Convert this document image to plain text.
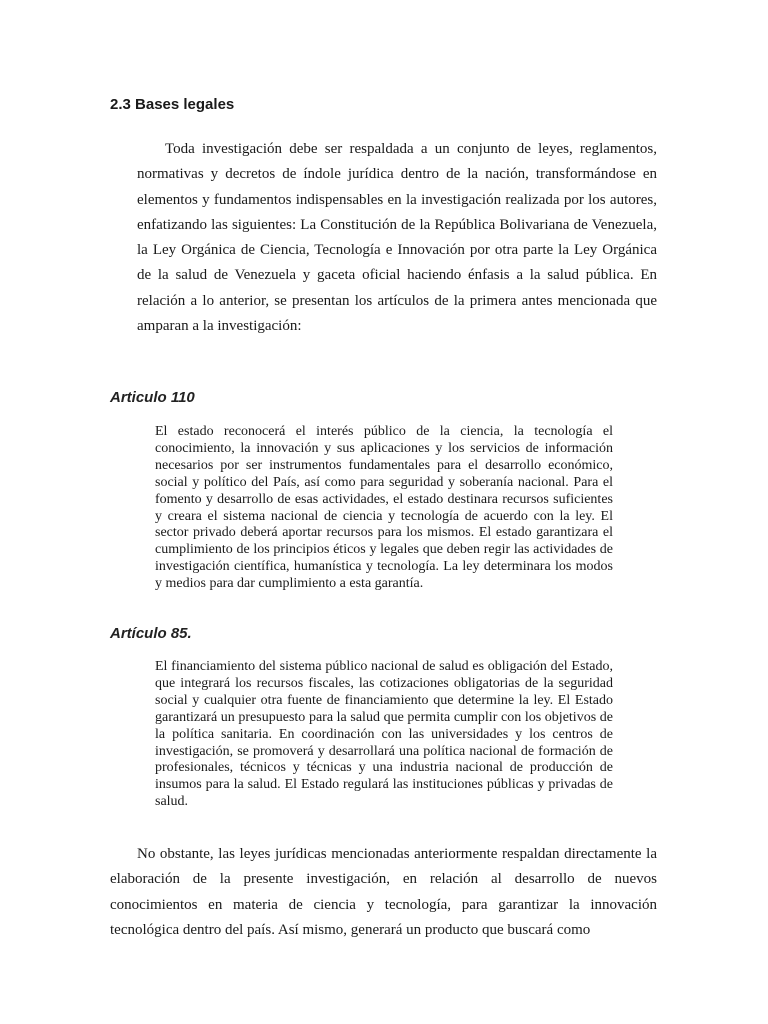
2.3 Bases legales

Toda investigación debe ser respaldada a un conjunto de leyes, reglamentos, normativas y decretos de índole jurídica dentro de la nación, transformándose en elementos y fundamentos indispensables en la investigación realizada por los autores, enfatizando las siguientes: La Constitución de la República Bolivariana de Venezuela, la Ley Orgánica de Ciencia, Tecnología e Innovación por otra parte la Ley Orgánica de la salud de Venezuela y gaceta oficial haciendo énfasis a la salud pública. En relación a lo anterior, se presentan los artículos de la primera antes mencionada que amparan a la investigación:

Articulo 110

El estado reconocerá el interés público de la ciencia, la tecnología el conocimiento, la innovación y sus aplicaciones y los servicios de información necesarios por ser instrumentos fundamentales para el desarrollo económico, social y político del País, así como para seguridad y soberanía nacional. Para el fomento y desarrollo de esas actividades, el estado destinara recursos suficientes y creara el sistema nacional de ciencia y tecnología de acuerdo con la ley. El sector privado deberá aportar recursos para los mismos. El estado garantizara el cumplimiento de los principios éticos y legales que deben regir las actividades de investigación científica, humanística y tecnología. La ley determinara los modos y medios para dar cumplimiento a esta garantía.

Artículo 85.

El financiamiento del sistema público nacional de salud es obligación del Estado, que integrará los recursos fiscales, las cotizaciones obligatorias de la seguridad social y cualquier otra fuente de financiamiento que determine la ley. El Estado garantizará un presupuesto para la salud que permita cumplir con los objetivos de la política sanitaria. En coordinación con las universidades y los centros de investigación, se promoverá y desarrollará una política nacional de formación de profesionales, técnicos y técnicas y una industria nacional de producción de insumos para la salud. El Estado regulará las instituciones públicas y privadas de salud.

No obstante, las leyes jurídicas mencionadas anteriormente respaldan directamente la elaboración de la presente investigación, en relación al desarrollo de nuevos conocimientos en materia de ciencia y tecnología, para garantizar la innovación tecnológica dentro del país. Así mismo, generará un producto que buscará como
